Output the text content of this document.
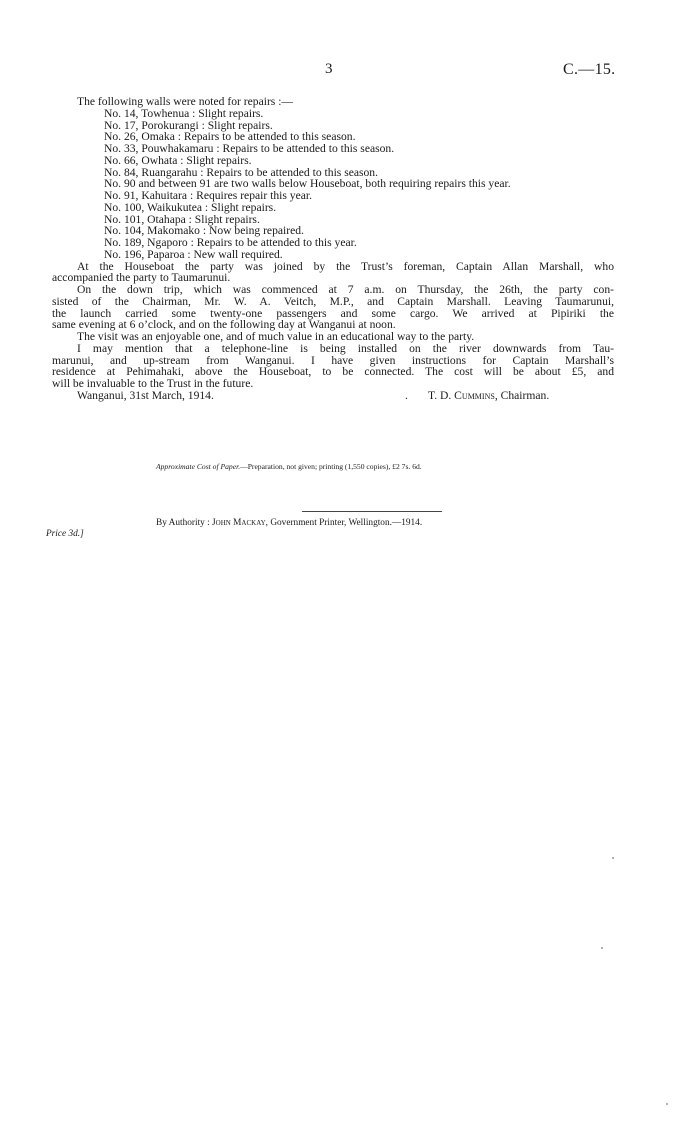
3	C.—15.
The following walls were noted for repairs :—
No. 14, Towhenua : Slight repairs.
No. 17, Porokurangi : Slight repairs.
No. 26, Omaka : Repairs to be attended to this season.
No. 33, Pouwhakamaru : Repairs to be attended to this season.
No. 66, Owhata : Slight repairs.
No. 84, Ruangarahu : Repairs to be attended to this season.
No. 90 and between 91 are two walls below Houseboat, both requiring repairs this year.
No. 91, Kahuitara : Requires repair this year.
No. 100, Waikukutea : Slight repairs.
No. 101, Otahapa : Slight repairs.
No. 104, Makomako : Now being repaired.
No. 189, Ngaporo : Repairs to be attended to this year.
No. 196, Paparoa : New wall required.
At the Houseboat the party was joined by the Trust’s foreman, Captain Allan Marshall, who
accompanied the party to Taumarunui.
On the down trip, which was commenced at 7 a.m. on Thursday, the 26th, the party con-
sisted of the Chairman, Mr. W. A. Veitch, M.P., and Captain Marshall. Leaving Taumarunui,
the launch carried some twenty-one passengers and some cargo. We arrived at Pipiriki the
same evening at 6 o’clock, and on the following day at Wanganui at noon.
The visit was an enjoyable one, and of much value in an educational way to the party.
I may mention that a telephone-line is being installed on the river downwards from Tau-
marunui, and up-stream from Wanganui. I have given instructions for Captain Marshall’s
residence at Pehimahaki, above the Houseboat, to be connected. The cost will be about £5, and
will be invaluable to the Trust in the future.
Wanganui, 31st March, 1914.	. T. D. Cummins, Chairman.
Approximate Cost of Paper.—Preparation, not given; printing (1,550 copies), £2 7s. 6d.
By Authority : John Mackay, Government Printer, Wellington.—1914.
Price 3d.]
